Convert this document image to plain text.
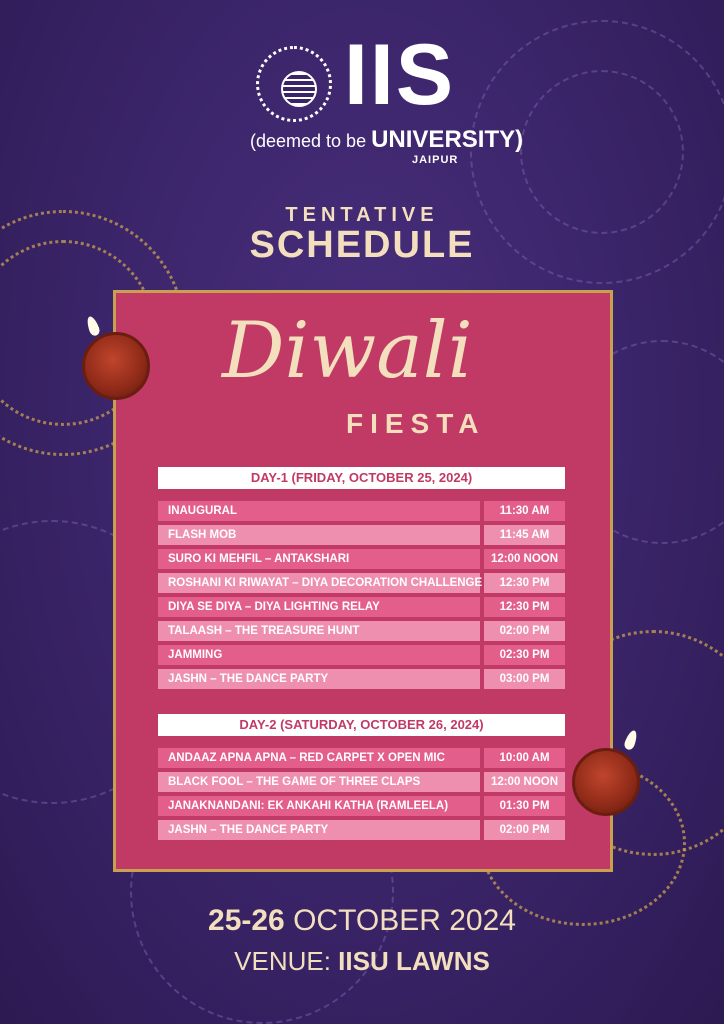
IIS
(deemed to be UNIVERSITY)
JAIPUR
TENTATIVE
SCHEDULE
Diwali
FIESTA
DAY-1 (FRIDAY, OCTOBER 25, 2024)
INAUGURAL	11:30 AM
FLASH MOB	11:45 AM
SURO KI MEHFIL – ANTAKSHARI	12:00 NOON
ROSHANI KI RIWAYAT – DIYA DECORATION CHALLENGE	12:30 PM
DIYA SE DIYA – DIYA LIGHTING RELAY	12:30 PM
TALAASH – THE TREASURE HUNT	02:00 PM
JAMMING	02:30 PM
JASHN – THE DANCE PARTY	03:00 PM
DAY-2 (SATURDAY, OCTOBER 26, 2024)
ANDAAZ APNA APNA – RED CARPET X OPEN MIC	10:00 AM
BLACK FOOL – THE GAME OF THREE CLAPS	12:00 NOON
JANAKNANDANI: EK ANKAHI KATHA (RAMLEELA)	01:30 PM
JASHN – THE DANCE PARTY	02:00 PM
25-26 OCTOBER 2024
VENUE: IISU LAWNS
